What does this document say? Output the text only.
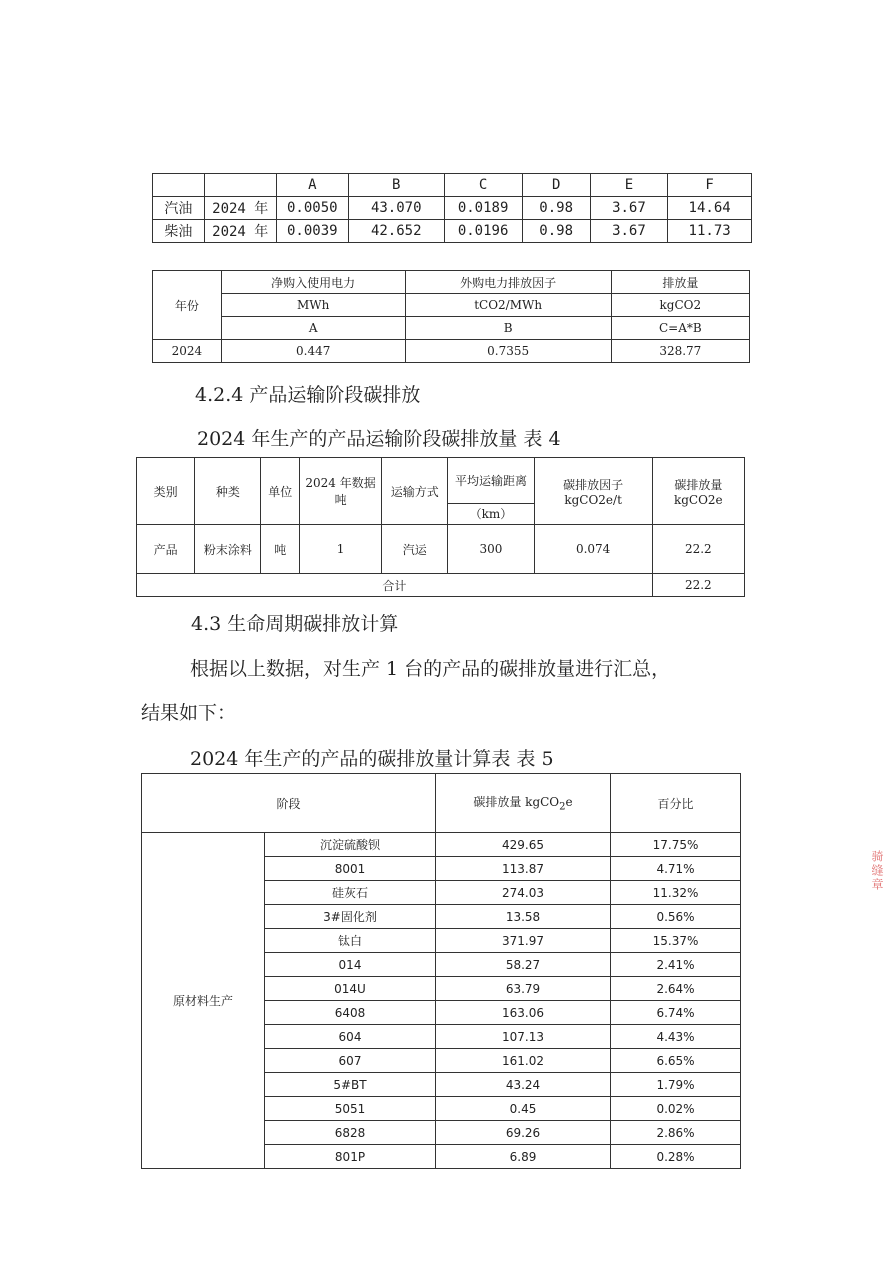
		A	B	C	D	E	F
汽油	2024 年	0.0050	43.070	0.0189	0.98	3.67	14.64
柴油	2024 年	0.0039	42.652	0.0196	0.98	3.67	11.73
年份	净购入使用电力	外购电力排放因子	排放量
	MWh	tCO2/MWh	kgCO2
	A	B	C=A*B
2024	0.447	0.7355	328.77
4.2.4 产品运输阶段碳排放
2024 年生产的产品运输阶段碳排放量 表 4
类别	种类	单位	2024 年数据 吨	运输方式	平均运输距离	碳排放因子 kgCO2e/t	碳排放量 kgCO2e
					（km）		
产品	粉末涂料	吨	1	汽运	300	0.074	22.2
合计							22.2
4.3 生命周期碳排放计算
根据以上数据，对生产 1 台的产品的碳排放量进行汇总，
结果如下：
2024 年生产的产品的碳排放量计算表 表 5
阶段		碳排放量 kgCO$_2$e	百分比
原材料生产	沉淀硫酸钡	429.65	17.75%
	8001	113.87	4.71%
	硅灰石	274.03	11.32%
	3#固化剂	13.58	0.56%
	钛白	371.97	15.37%
	014	58.27	2.41%
	014U	63.79	2.64%
	6408	163.06	6.74%
	604	107.13	4.43%
	607	161.02	6.65%
	5#BT	43.24	1.79%
	5051	0.45	0.02%
	6828	69.26	2.86%
	801P	6.89	0.28%
骑缝章
